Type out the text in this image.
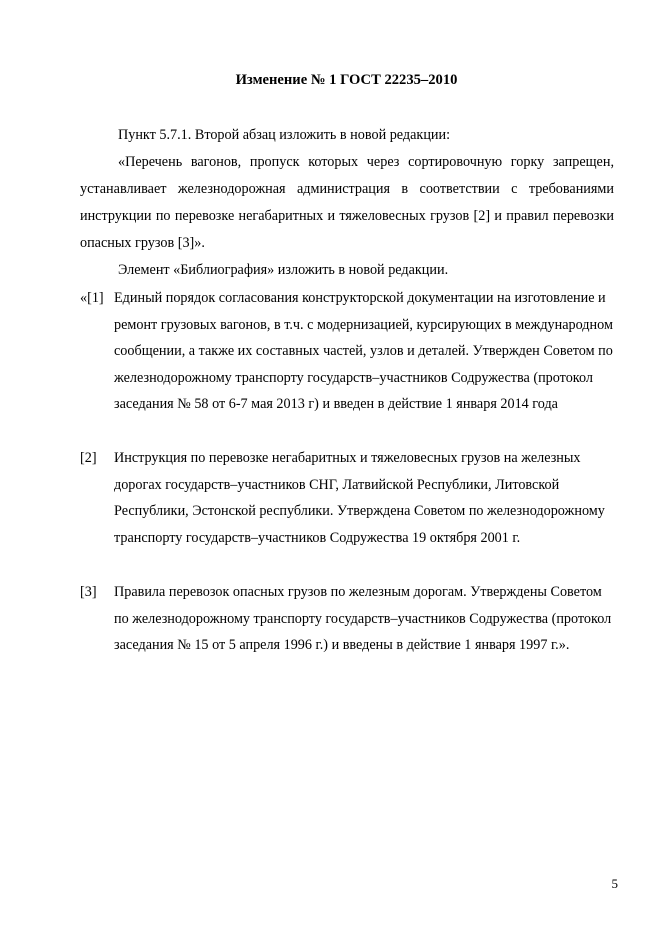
Изменение № 1 ГОСТ 22235–2010

Пункт 5.7.1. Второй абзац изложить в новой редакции:

«Перечень вагонов, пропуск которых через сортировочную горку запрещен, устанавливает железнодорожная администрация в соответствии с требованиями инструкции по перевозке негабаритных и тяжеловесных грузов [2] и правил перевозки опасных грузов [3]».

Элемент «Библиография» изложить в новой редакции.

«[1] Единый порядок согласования конструкторской документации на изготовление и ремонт грузовых вагонов, в т.ч. с модернизацией, курсирующих в международном сообщении, а также их составных частей, узлов и деталей. Утвержден Советом по железнодорожному транспорту государств–участников Содружества (протокол заседания № 58 от 6-7 мая 2013 г) и введен в действие 1 января 2014 года
[2]	Инструкция по перевозке негабаритных и тяжеловесных грузов на железных дорогах государств–участников СНГ, Латвийской Республики, Литовской Республики, Эстонской республики. Утверждена Советом по железнодорожному транспорту государств–участников Содружества 19 октября 2001 г.
[3]	Правила перевозок опасных грузов по железным дорогам. Утверждены Советом по железнодорожному транспорту государств–участников Содружества (протокол заседания № 15 от 5 апреля 1996 г.) и введены в действие 1 января 1997 г.».
5
